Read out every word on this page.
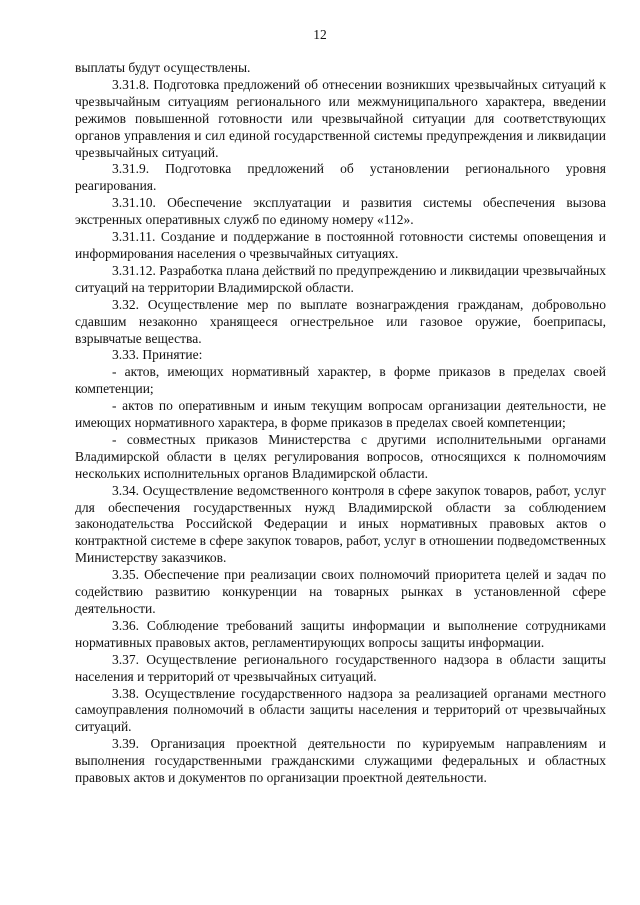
12

выплаты будут осуществлены.

3.31.8. Подготовка предложений об отнесении возникших чрезвычайных ситуаций к чрезвычайным ситуациям регионального или межмуниципального характера, введении режимов повышенной готовности или чрезвычайной ситуации для соответствующих органов управления и сил единой государственной системы предупреждения и ликвидации чрезвычайных ситуаций.

3.31.9. Подготовка предложений об установлении регионального уровня реагирования.

3.31.10. Обеспечение эксплуатации и развития системы обеспечения вызова экстренных оперативных служб по единому номеру «112».

3.31.11. Создание и поддержание в постоянной готовности системы оповещения и информирования населения о чрезвычайных ситуациях.

3.31.12. Разработка плана действий по предупреждению и ликвидации чрезвычайных ситуаций на территории Владимирской области.

3.32. Осуществление мер по выплате вознаграждения гражданам, добровольно сдавшим незаконно хранящееся огнестрельное или газовое оружие, боеприпасы, взрывчатые вещества.

3.33. Принятие:

- актов, имеющих нормативный характер, в форме приказов в пределах своей компетенции;

- актов по оперативным и иным текущим вопросам организации деятельности, не имеющих нормативного характера, в форме приказов в пределах своей компетенции;

- совместных приказов Министерства с другими исполнительными органами Владимирской области в целях регулирования вопросов, относящихся к полномочиям нескольких исполнительных органов Владимирской области.

3.34. Осуществление ведомственного контроля в сфере закупок товаров, работ, услуг для обеспечения государственных нужд Владимирской области за соблюдением законодательства Российской Федерации и иных нормативных правовых актов о контрактной системе в сфере закупок товаров, работ, услуг в отношении подведомственных Министерству заказчиков.

3.35. Обеспечение при реализации своих полномочий приоритета целей и задач по содействию развитию конкуренции на товарных рынках в установленной сфере деятельности.

3.36. Соблюдение требований защиты информации и выполнение сотрудниками нормативных правовых актов, регламентирующих вопросы защиты информации.

3.37. Осуществление регионального государственного надзора в области защиты населения и территорий от чрезвычайных ситуаций.

3.38. Осуществление государственного надзора за реализацией органами местного самоуправления полномочий в области защиты населения и территорий от чрезвычайных ситуаций.

3.39. Организация проектной деятельности по курируемым направлениям и выполнения государственными гражданскими служащими федеральных и областных правовых актов и документов по организации проектной деятельности.
